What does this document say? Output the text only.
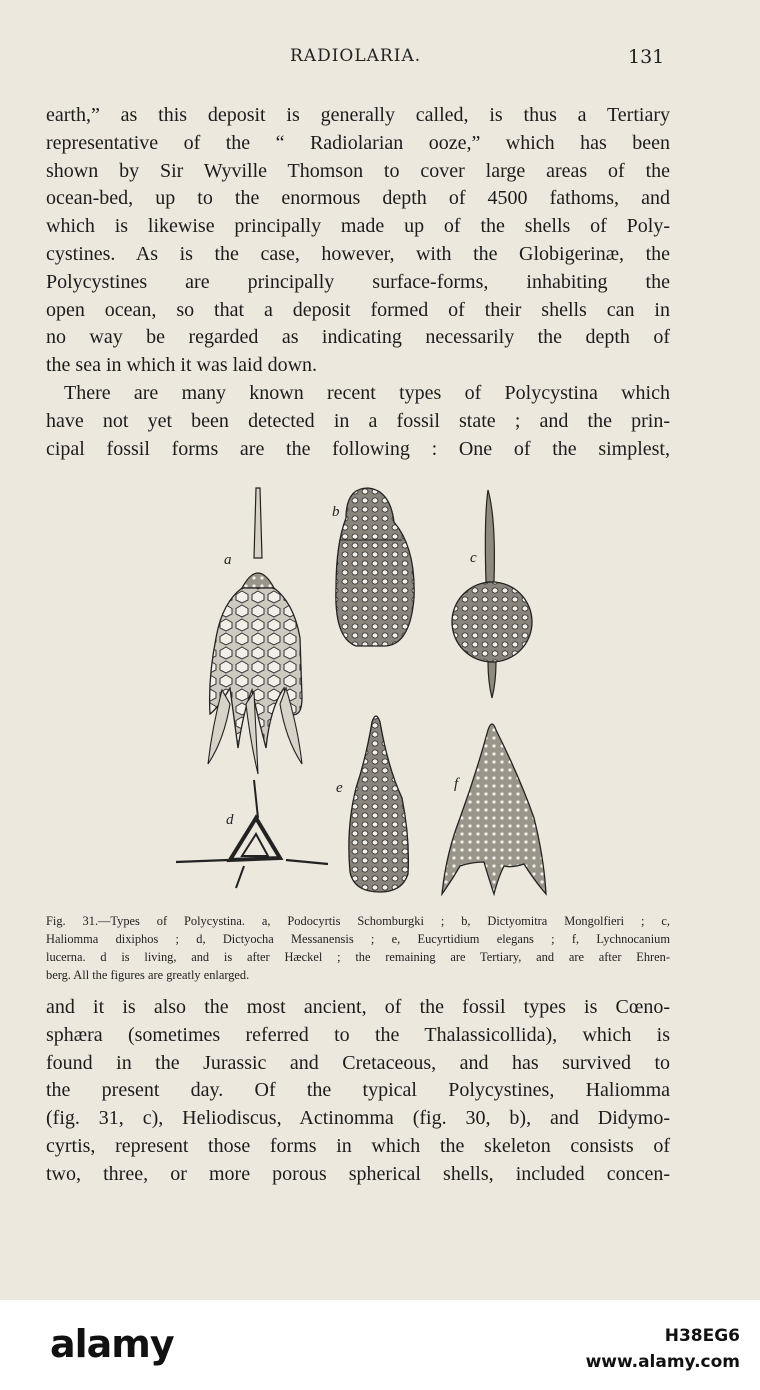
RADIOLARIA.	131
earth,” as this deposit is generally called, is thus a Tertiary
representative of the “ Radiolarian ooze,” which has been
shown by Sir Wyville Thomson to cover large areas of the
ocean-bed, up to the enormous depth of 4500 fathoms, and
which is likewise principally made up of the shells of Poly-
cystines. As is the case, however, with the Globigerinæ, the
Polycystines are principally surface-forms, inhabiting the
open ocean, so that a deposit formed of their shells can in
no way be regarded as indicating necessarily the depth of
the sea in which it was laid down.
There are many known recent types of Polycystina which
have not yet been detected in a fossil state ; and the prin-
cipal fossil forms are the following : One of the simplest,
a
b
c
d
e	f
Fig. 31.—Types of Polycystina. a, Podocyrtis Schomburgki ; b, Dictyomitra Mongolfieri ; c,
Haliomma dixiphos ; d, Dictyocha Messanensis ; e, Eucyrtidium elegans ; f, Lychnocanium
lucerna. d is living, and is after Hæckel ; the remaining are Tertiary, and are after Ehren-
berg. All the figures are greatly enlarged.
and it is also the most ancient, of the fossil types is Cœno-
sphæra (sometimes referred to the Thalassicollida), which is
found in the Jurassic and Cretaceous, and has survived to
the present day. Of the typical Polycystines, Haliomma
(fig. 31, c), Heliodiscus, Actinomma (fig. 30, b), and Didymo-
cyrtis, represent those forms in which the skeleton consists of
two, three, or more porous spherical shells, included concen-
alamy	H38EG6
www.alamy.com
